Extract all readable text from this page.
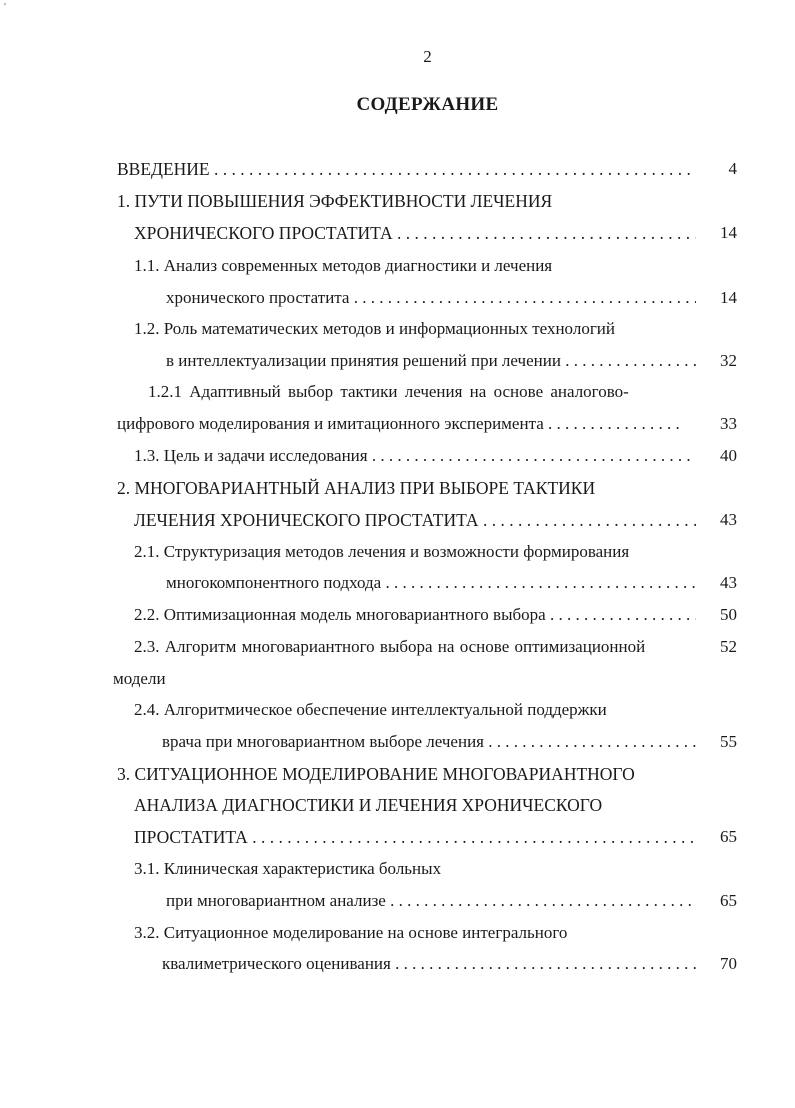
′
2
СОДЕРЖАНИЕ
ВВЕДЕНИЕ . . .	4
1. ПУТИ ПОВЫШЕНИЯ ЭФФЕКТИВНОСТИ ЛЕЧЕНИЯ
ХРОНИЧЕСКОГО ПРОСТАТИТА . . .	14
1.1. Анализ современных методов диагностики и лечения
хронического простатита . . .	14
1.2. Роль математических методов и информационных технологий
в интеллектуализации принятия решений при лечении . . .	32
1.2.1 Адаптивный выбор тактики лечения на основе аналогово-
цифрового моделирования и имитационного эксперимента . . .	33
1.3. Цель и задачи исследования . . .	40
2. МНОГОВАРИАНТНЫЙ АНАЛИЗ ПРИ ВЫБОРЕ ТАКТИКИ
ЛЕЧЕНИЯ ХРОНИЧЕСКОГО ПРОСТАТИТА . . .	43
2.1. Структуризация методов лечения и возможности формирования
многокомпонентного подхода . . .	43
2.2. Оптимизационная модель многовариантного выбора . . .	50
2.3. Алгоритм многовариантного выбора на основе оптимизационной	52
модели
2.4. Алгоритмическое обеспечение интеллектуальной поддержки
врача при многовариантном выборе лечения . . .	55
3. СИТУАЦИОННОЕ МОДЕЛИРОВАНИЕ МНОГОВАРИАНТНОГО
АНАЛИЗА ДИАГНОСТИКИ И ЛЕЧЕНИЯ ХРОНИЧЕСКОГО
ПРОСТАТИТА . . .	65
3.1. Клиническая характеристика больных
при многовариантном анализе . . .	65
3.2. Ситуационное моделирование на основе интегрального
квалиметрического оценивания . . .	70
